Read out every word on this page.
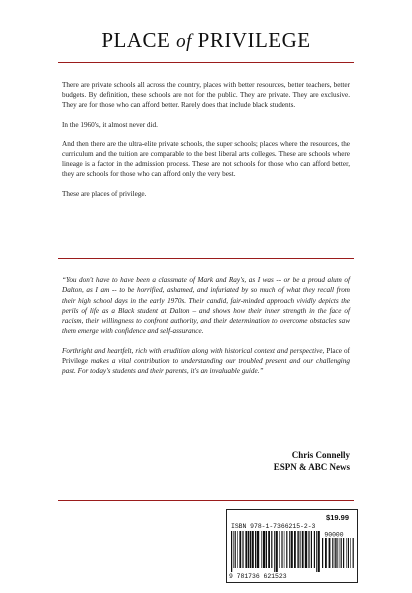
PLACE of PRIVILEGE

There are private schools all across the country, places with better resources, better teachers, better budgets. By definition, these schools are not for the public. They are private. They are exclusive. They are for those who can afford better. Rarely does that include black students.

In the 1960's, it almost never did.

And then there are the ultra-elite private schools, the super schools; places where the resources, the curriculum and the tuition are comparable to the best liberal arts colleges. These are schools where lineage is a factor in the admission process. These are not schools for those who can afford better, they are schools for those who can afford only the very best.

These are places of privilege.

“You don't have to have been a classmate of Mark and Ray's, as I was -- or be a proud alum of Dalton, as I am -- to be horrified, ashamed, and infuriated by so much of what they recall from their high school days in the early 1970s. Their candid, fair-minded approach vividly depicts the perils of life as a Black student at Dalton – and shows how their inner strength in the face of racism, their willingness to confront authority, and their determination to overcome obstacles saw them emerge with confidence and self-assurance.

Forthright and heartfelt, rich with erudition along with historical context and perspective, Place of Privilege makes a vital contribution to understanding our troubled present and our challenging past. For today's students and their parents, it's an invaluable guide.”

Chris Connelly
ESPN & ABC News
$19.99
ISBN 978-1-7366215-2-3
90000
9 781736 621523
